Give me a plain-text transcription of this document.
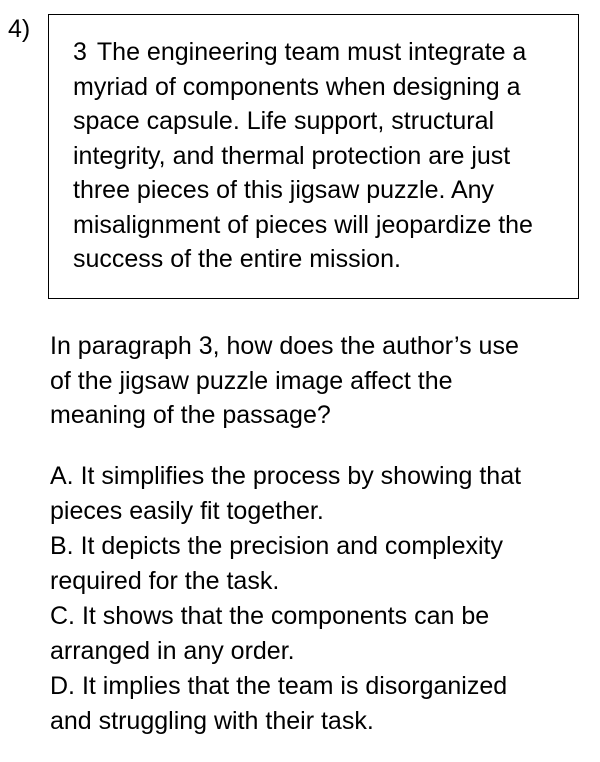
4)
3 The engineering team must integrate a
myriad of components when designing a
space capsule. Life support, structural
integrity, and thermal protection are just
three pieces of this jigsaw puzzle. Any
misalignment of pieces will jeopardize the
success of the entire mission.
In paragraph 3, how does the author’s use
of the jigsaw puzzle image affect the
meaning of the passage?
A. It simplifies the process by showing that
pieces easily fit together.
B. It depicts the precision and complexity
required for the task.
C. It shows that the components can be
arranged in any order.
D. It implies that the team is disorganized
and struggling with their task.
